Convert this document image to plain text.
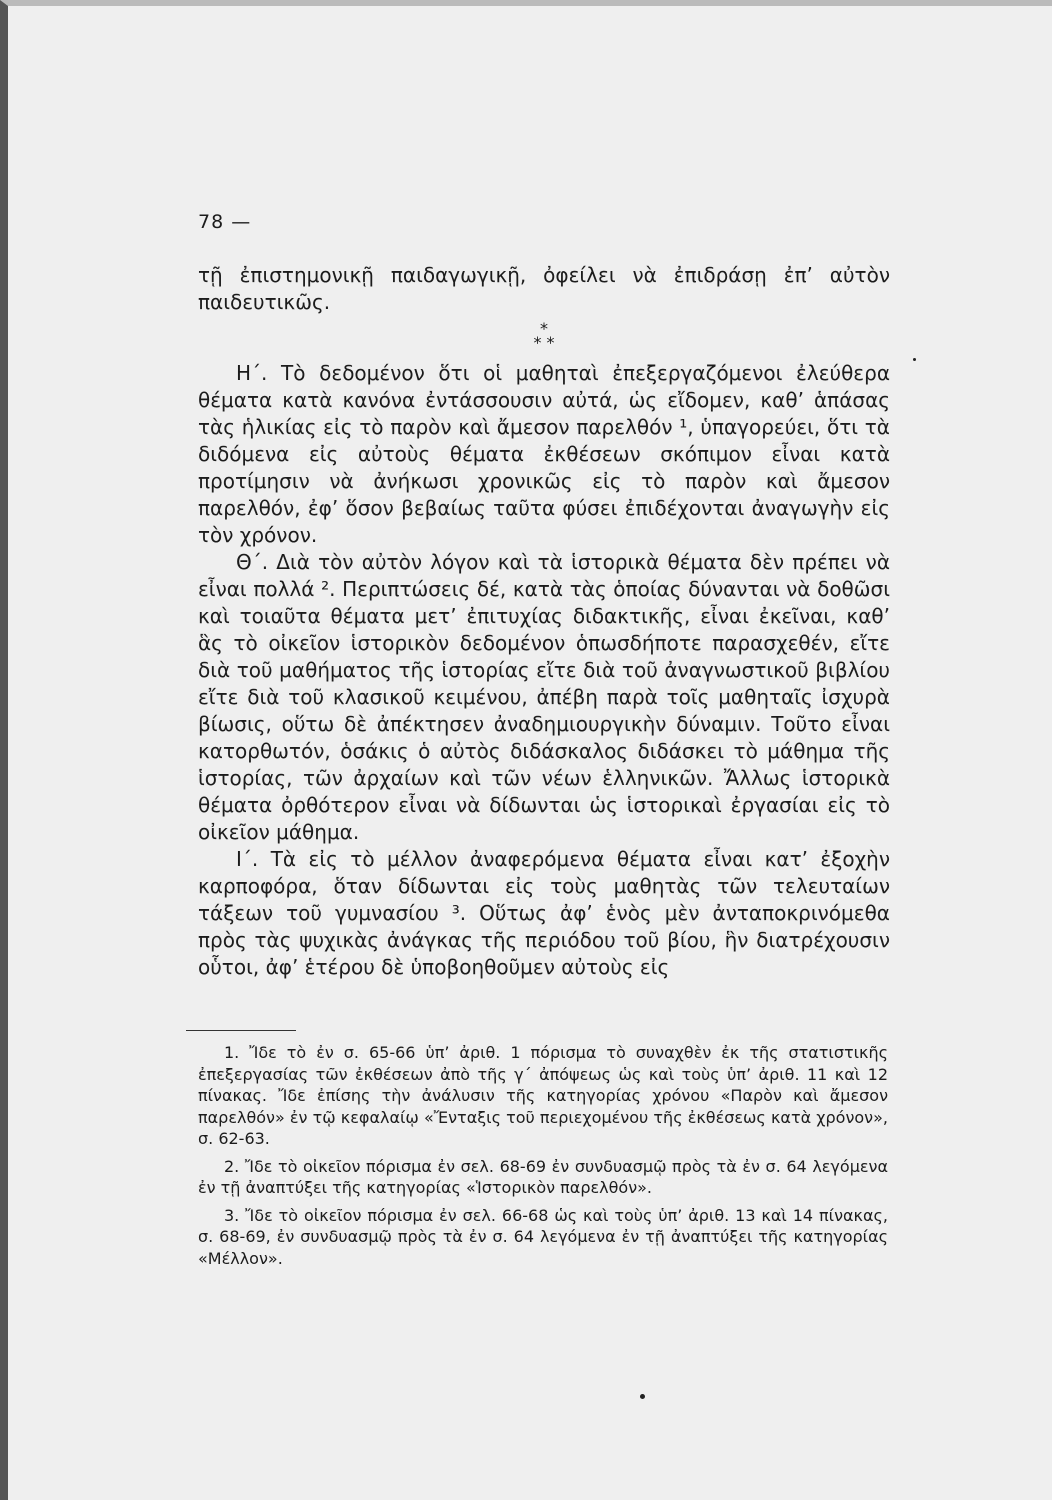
78 —

τῇ ἐπιστημονικῇ παιδαγωγικῇ, ὀφείλει νὰ ἐπιδράσῃ ἐπ’ αὐτὸν παιδευτικῶς.

*
* *

Η΄. Τὸ δεδομένον ὅτι οἱ μαθηταὶ ἐπεξεργαζόμενοι ἐλεύθερα θέματα κατὰ κανόνα ἐντάσσουσιν αὐτά, ὡς εἴδομεν, καθ’ ἁπάσας τὰς ἡλικίας εἰς τὸ παρὸν καὶ ἄμεσον παρελθόν ¹, ὑπαγορεύει, ὅτι τὰ διδόμενα εἰς αὐτοὺς θέματα ἐκθέσεων σκόπιμον εἶναι κατὰ προτίμησιν νὰ ἀνήκωσι χρονικῶς εἰς τὸ παρὸν καὶ ἄμεσον παρελθόν, ἐφ’ ὅσον βεβαίως ταῦτα φύσει ἐπιδέχονται ἀναγωγὴν εἰς τὸν χρόνον.

Θ΄. Διὰ τὸν αὐτὸν λόγον καὶ τὰ ἱστορικὰ θέματα δὲν πρέπει νὰ εἶναι πολλά ². Περιπτώσεις δέ, κατὰ τὰς ὁποίας δύνανται νὰ δοθῶσι καὶ τοιαῦτα θέματα μετ’ ἐπιτυχίας διδακτικῆς, εἶναι ἐκεῖναι, καθ’ ἃς τὸ οἰκεῖον ἱστορικὸν δεδομένον ὁπωσδήποτε παρασχεθέν, εἴτε διὰ τοῦ μαθήματος τῆς ἱστορίας εἴτε διὰ τοῦ ἀναγνωστικοῦ βιβλίου εἴτε διὰ τοῦ κλασικοῦ κειμένου, ἀπέβη παρὰ τοῖς μαθηταῖς ἰσχυρὰ βίωσις, οὕτω δὲ ἀπέκτησεν ἀναδημιουργικὴν δύναμιν. Τοῦτο εἶναι κατορθωτόν, ὁσάκις ὁ αὐτὸς διδάσκαλος διδάσκει τὸ μάθημα τῆς ἱστορίας, τῶν ἀρχαίων καὶ τῶν νέων ἑλληνικῶν. Ἄλλως ἱστορικὰ θέματα ὀρθότερον εἶναι νὰ δίδωνται ὡς ἱστορικαὶ ἐργασίαι εἰς τὸ οἰκεῖον μάθημα.

Ι΄. Τὰ εἰς τὸ μέλλον ἀναφερόμενα θέματα εἶναι κατ’ ἐξοχὴν καρποφόρα, ὅταν δίδωνται εἰς τοὺς μαθητὰς τῶν τελευταίων τάξεων τοῦ γυμνασίου ³. Οὕτως ἀφ’ ἑνὸς μὲν ἀνταποκρινόμεθα πρὸς τὰς ψυχικὰς ἀνάγκας τῆς περιόδου τοῦ βίου, ἣν διατρέχουσιν οὗτοι, ἀφ’ ἑτέρου δὲ ὑποβοηθοῦμεν αὐτοὺς εἰς

1. Ἴδε τὸ ἐν σ. 65-66 ὑπ’ ἀριθ. 1 πόρισμα τὸ συναχθὲν ἐκ τῆς στατιστικῆς ἐπεξεργασίας τῶν ἐκθέσεων ἀπὸ τῆς γ΄ ἀπόψεως ὡς καὶ τοὺς ὑπ’ ἀριθ. 11 καὶ 12 πίνακας. Ἴδε ἐπίσης τὴν ἀνάλυσιν τῆς κατηγορίας χρόνου «Παρὸν καὶ ἄμεσον παρελθόν» ἐν τῷ κεφαλαίῳ «Ἔνταξις τοῦ περιεχομένου τῆς ἐκθέσεως κατὰ χρόνον», σ. 62-63.

2. Ἴδε τὸ οἰκεῖον πόρισμα ἐν σελ. 68-69 ἐν συνδυασμῷ πρὸς τὰ ἐν σ. 64 λεγόμενα ἐν τῇ ἀναπτύξει τῆς κατηγορίας «Ἱστορικὸν παρελθόν».

3. Ἴδε τὸ οἰκεῖον πόρισμα ἐν σελ. 66-68 ὡς καὶ τοὺς ὑπ’ ἀριθ. 13 καὶ 14 πίνακας, σ. 68-69, ἐν συνδυασμῷ πρὸς τὰ ἐν σ. 64 λεγόμενα ἐν τῇ ἀναπτύξει τῆς κατηγορίας «Μέλλον».
